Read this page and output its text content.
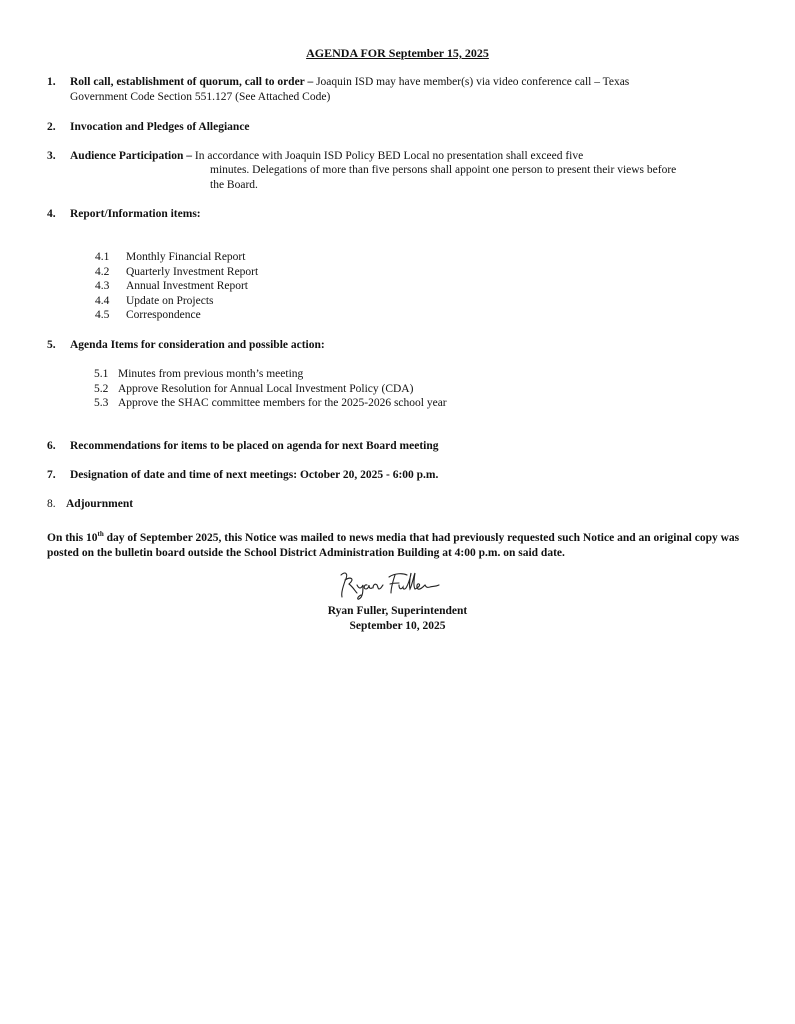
AGENDA FOR September 15, 2025
1. Roll call, establishment of quorum, call to order – Joaquin ISD may have member(s) via video conference call – Texas
Government Code Section 551.127 (See Attached Code)
2. Invocation and Pledges of Allegiance
3. Audience Participation – In accordance with Joaquin ISD Policy BED Local no presentation shall exceed five
minutes. Delegations of more than five persons shall appoint one person to present their views before
the Board.
4. Report/Information items:
4.1 Monthly Financial Report
4.2 Quarterly Investment Report
4.3 Annual Investment Report
4.4 Update on Projects
4.5 Correspondence
5. Agenda Items for consideration and possible action:
5.1 Minutes from previous month’s meeting
5.2 Approve Resolution for Annual Local Investment Policy (CDA)
5.3 Approve the SHAC committee members for the 2025-2026 school year
6. Recommendations for items to be placed on agenda for next Board meeting
7. Designation of date and time of next meetings: October 20, 2025 - 6:00 p.m.
8. Adjournment
On this 10th day of September 2025, this Notice was mailed to news media that had previously requested such Notice and an original copy was posted on the bulletin board outside the School District Administration Building at 4:00 p.m. on said date.
Ryan Fuller, Superintendent
September 10, 2025
